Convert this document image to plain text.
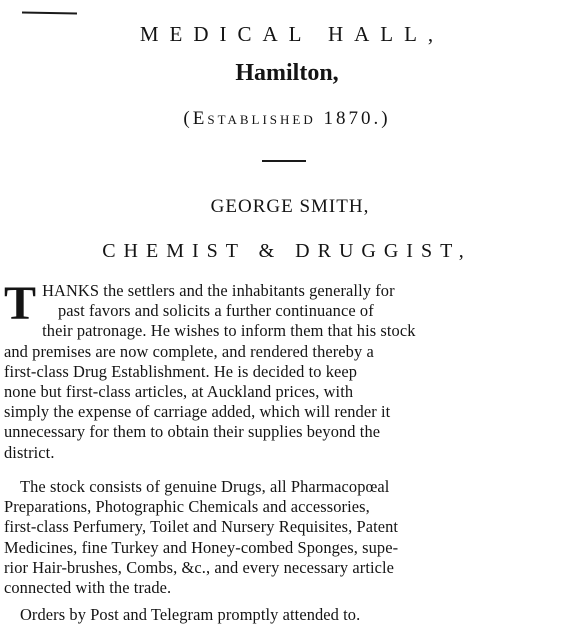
MEDICAL HALL,
Hamilton,
(Established 1870.)
GEORGE SMITH,
CHEMIST & DRUGGIST,
T HANKS the settlers and the inhabitants generally for
past favors and solicits a further continuance of
their patronage. He wishes to inform them that his stock
and premises are now complete, and rendered thereby a
first-class Drug Establishment. He is decided to keep
none but first-class articles, at Auckland prices, with
simply the expense of carriage added, which will render it
unnecessary for them to obtain their supplies beyond the
district.
The stock consists of genuine Drugs, all Pharmacopœal
Preparations, Photographic Chemicals and accessories,
first-class Perfumery, Toilet and Nursery Requisites, Patent
Medicines, fine Turkey and Honey-combed Sponges, supe-
rior Hair-brushes, Combs, &c., and every necessary article
connected with the trade.
Orders by Post and Telegram promptly attended to.
